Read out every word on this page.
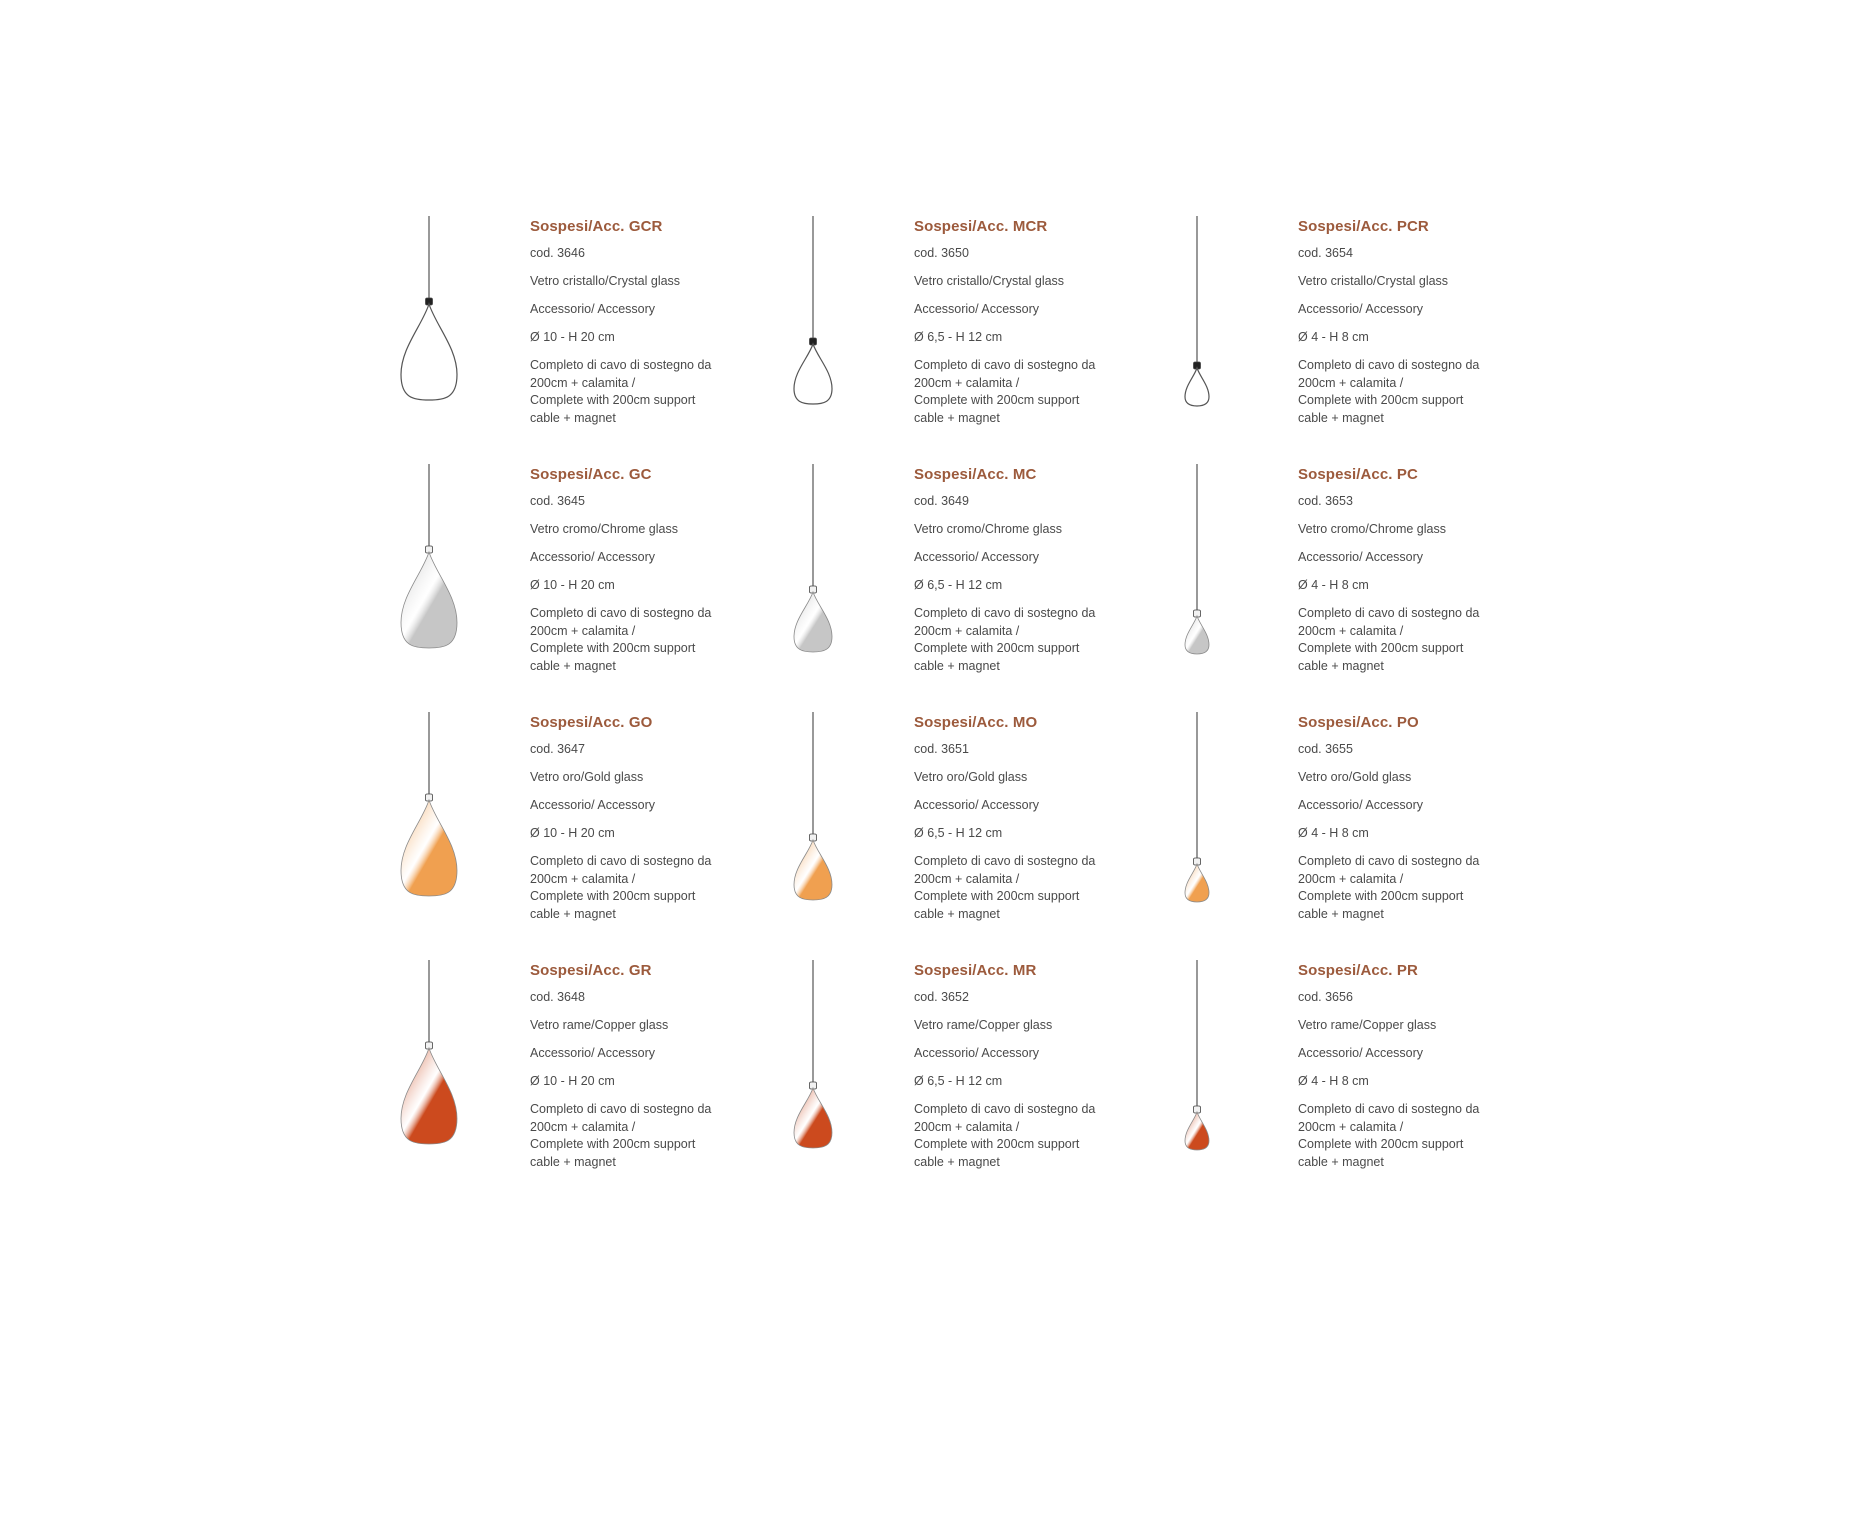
Sospesi/Acc. GCR
cod. 3646
Vetro cristallo/Crystal glass
Accessorio/ Accessory
Ø 10 - H 20 cm
Completo di cavo di sostegno da
200cm + calamita /
Complete with 200cm support
cable + magnet
Sospesi/Acc. MCR
cod. 3650
Vetro cristallo/Crystal glass
Accessorio/ Accessory
Ø 6,5 - H 12 cm
Completo di cavo di sostegno da
200cm + calamita /
Complete with 200cm support
cable + magnet
Sospesi/Acc. PCR
cod. 3654
Vetro cristallo/Crystal glass
Accessorio/ Accessory
Ø 4 - H 8 cm
Completo di cavo di sostegno da
200cm + calamita /
Complete with 200cm support
cable + magnet
Sospesi/Acc. GC
cod. 3645
Vetro cromo/Chrome glass
Accessorio/ Accessory
Ø 10 - H 20 cm
Completo di cavo di sostegno da
200cm + calamita /
Complete with 200cm support
cable + magnet
Sospesi/Acc. MC
cod. 3649
Vetro cromo/Chrome glass
Accessorio/ Accessory
Ø 6,5 - H 12 cm
Completo di cavo di sostegno da
200cm + calamita /
Complete with 200cm support
cable + magnet
Sospesi/Acc. PC
cod. 3653
Vetro cromo/Chrome glass
Accessorio/ Accessory
Ø 4 - H 8 cm
Completo di cavo di sostegno da
200cm + calamita /
Complete with 200cm support
cable + magnet
Sospesi/Acc. GO
cod. 3647
Vetro oro/Gold glass
Accessorio/ Accessory
Ø 10 - H 20 cm
Completo di cavo di sostegno da
200cm + calamita /
Complete with 200cm support
cable + magnet
Sospesi/Acc. MO
cod. 3651
Vetro oro/Gold glass
Accessorio/ Accessory
Ø 6,5 - H 12 cm
Completo di cavo di sostegno da
200cm + calamita /
Complete with 200cm support
cable + magnet
Sospesi/Acc. PO
cod. 3655
Vetro oro/Gold glass
Accessorio/ Accessory
Ø 4 - H 8 cm
Completo di cavo di sostegno da
200cm + calamita /
Complete with 200cm support
cable + magnet
Sospesi/Acc. GR
cod. 3648
Vetro rame/Copper glass
Accessorio/ Accessory
Ø 10 - H 20 cm
Completo di cavo di sostegno da
200cm + calamita /
Complete with 200cm support
cable + magnet
Sospesi/Acc. MR
cod. 3652
Vetro rame/Copper glass
Accessorio/ Accessory
Ø 6,5 - H 12 cm
Completo di cavo di sostegno da
200cm + calamita /
Complete with 200cm support
cable + magnet
Sospesi/Acc. PR
cod. 3656
Vetro rame/Copper glass
Accessorio/ Accessory
Ø 4 - H 8 cm
Completo di cavo di sostegno da
200cm + calamita /
Complete with 200cm support
cable + magnet
